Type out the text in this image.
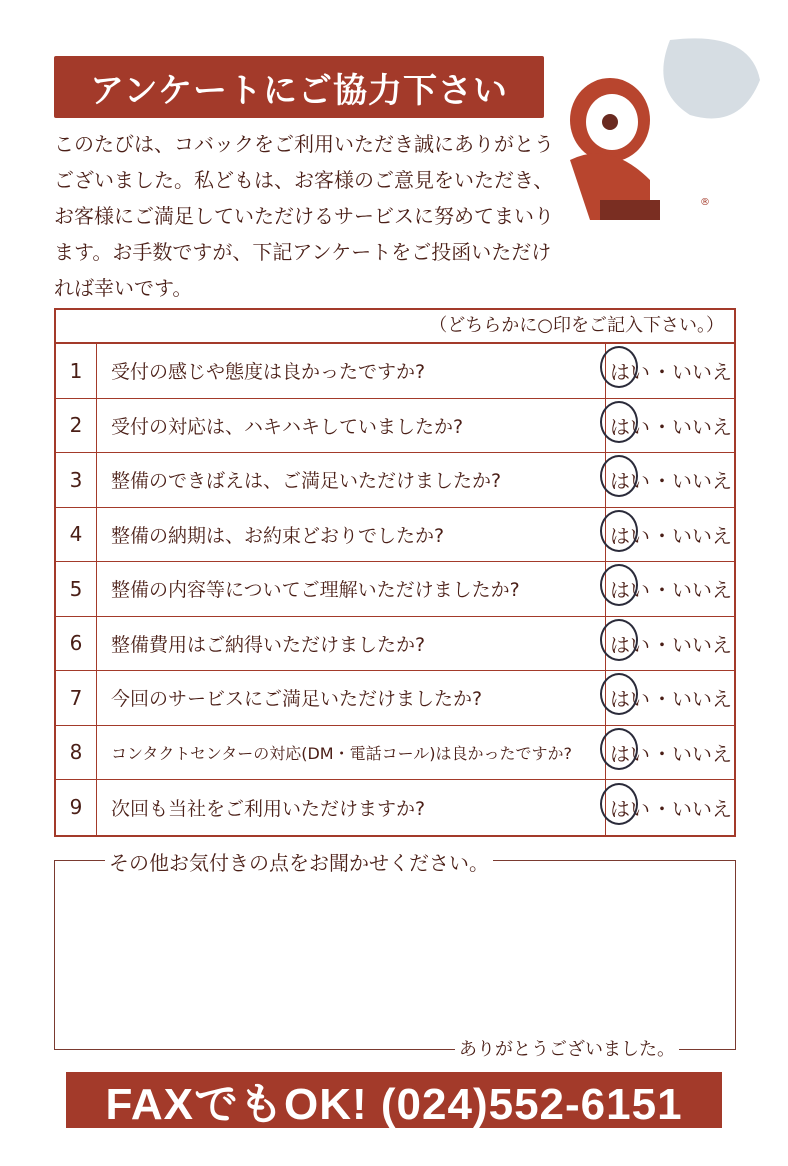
アンケートにご協力下さい

このたびは、コバックをご利用いただき誠にありがとうございました。私どもは、お客様のご意見をいただき、お客様にご満足していただけるサービスに努めてまいります。お手数ですが、下記アンケートをご投函いただければ幸いです。

®
（どちらかに○印をご記入下さい。）
1	受付の感じや態度は良かったですか?	はい ・ いいえ
2	受付の対応は、ハキハキしていましたか?	はい ・ いいえ
3	整備のできばえは、ご満足いただけましたか?	はい ・ いいえ
4	整備の納期は、お約束どおりでしたか?	はい ・ いいえ
5	整備の内容等についてご理解いただけましたか?	はい ・ いいえ
6	整備費用はご納得いただけましたか?	はい ・ いいえ
7	今回のサービスにご満足いただけましたか?	はい ・ いいえ
8	コンタクトセンターの対応(DM・電話コール)は良かったですか?	はい ・ いいえ
9	次回も当社をご利用いただけますか?	はい ・ いいえ
その他お気付きの点をお聞かせください。
ありがとうございました。
FAXでもOK! (024)552-6151
